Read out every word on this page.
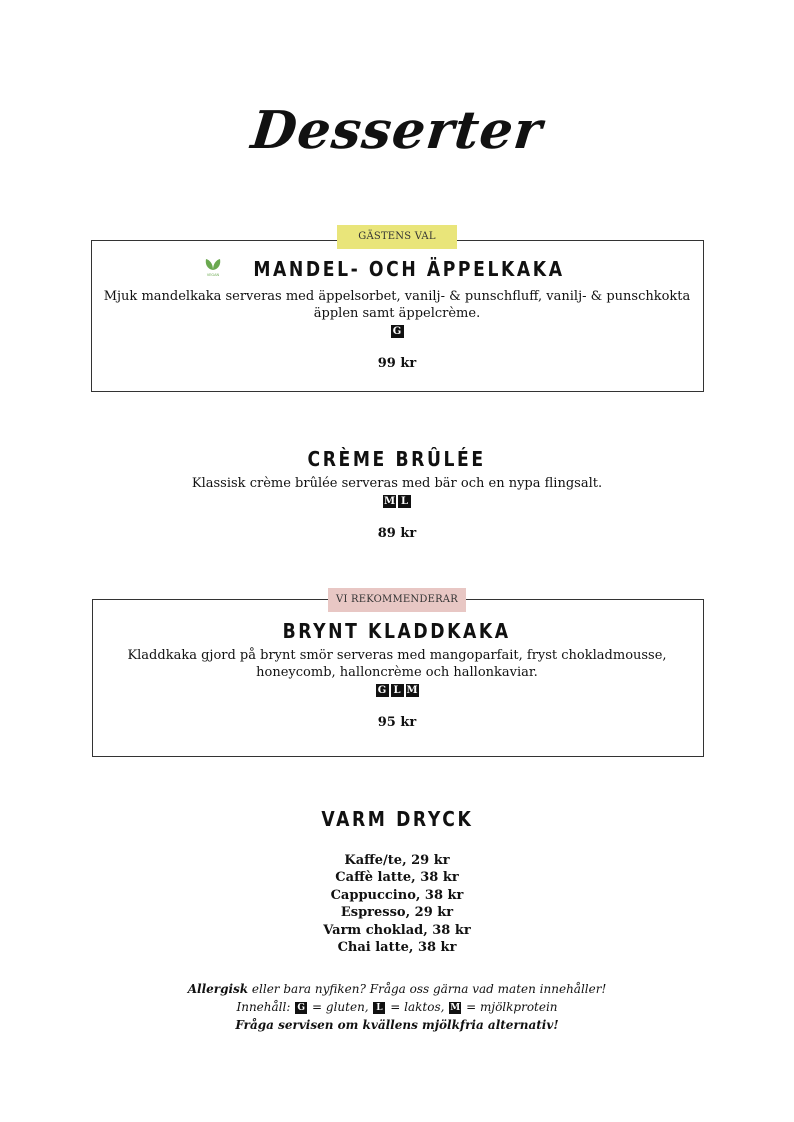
Desserter
GÄSTENS VAL
VEGAN MANDEL- OCH ÄPPELKAKA
Mjuk mandelkaka serveras med äppelsorbet, vanilj- & punschfluff, vanilj- & punschkokta
äpplen samt äppelcrème.
G
99 kr
CRÈME BRÛLÉE
Klassisk crème brûlée serveras med bär och en nypa flingsalt.
M L
89 kr
VI REKOMMENDERAR
BRYNT KLADDKAKA
Kladdkaka gjord på brynt smör serveras med mangoparfait, fryst chokladmousse,
honeycomb, halloncrème och hallonkaviar.
G L M
95 kr
VARM DRYCK
Kaffe/te, 29 kr
Caffè latte, 38 kr
Cappuccino, 38 kr
Espresso, 29 kr
Varm choklad, 38 kr
Chai latte, 38 kr
Allergisk eller bara nyfiken? Fråga oss gärna vad maten innehåller!
Innehåll: G = gluten, L = laktos, M = mjölkprotein
Fråga servisen om kvällens mjölkfria alternativ!
